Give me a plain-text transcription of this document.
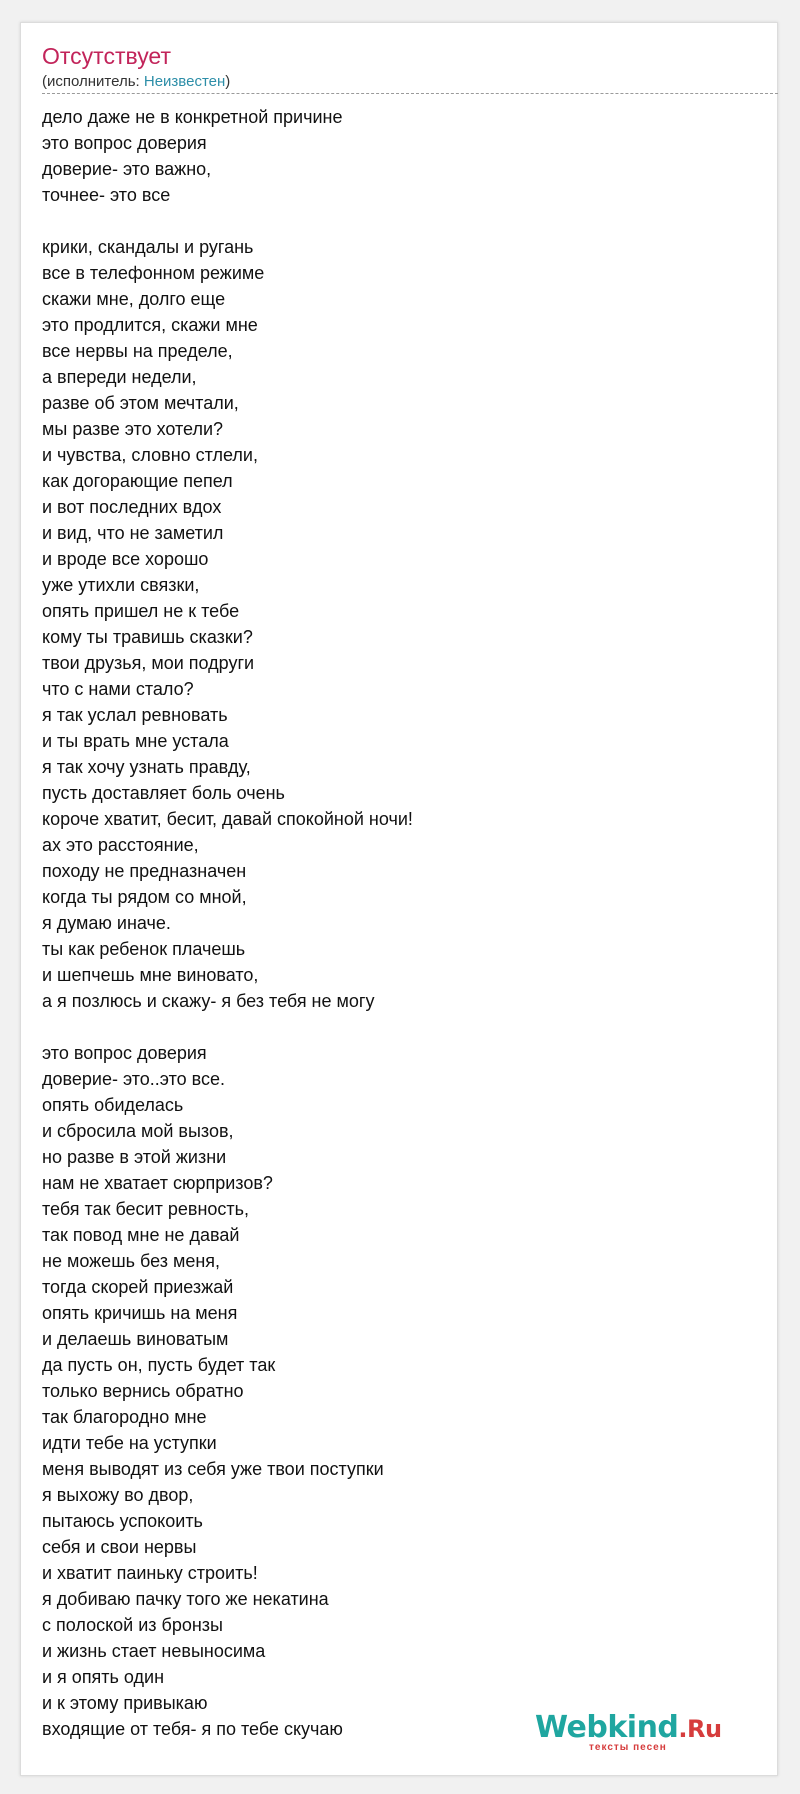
Отсутствует
(исполнитель: Неизвестен)
дело даже не в конкретной причине
это вопрос доверия
доверие- это важно,
точнее- это все
крики, скандалы и ругань
все в телефонном режиме
скажи мне, долго еще
это продлится, скажи мне
все нервы на пределе,
а впереди недели,
разве об этом мечтали,
мы разве это хотели?
и чувства, словно стлели,
как догорающие пепел
и вот последних вдох
и вид, что не заметил
и вроде все хорошо
уже утихли связки,
опять пришел не к тебе
кому ты травишь сказки?
твои друзья, мои подруги
что с нами стало?
я так услал ревновать
и ты врать мне устала
я так хочу узнать правду,
пусть доставляет боль очень
короче хватит, бесит, давай спокойной ночи!
ах это расстояние,
походу не предназначен
когда ты рядом со мной,
я думаю иначе.
ты как ребенок плачешь
и шепчешь мне виновато,
а я позлюсь и скажу- я без тебя не могу
это вопрос доверия
доверие- это..это все.
опять обиделась
и сбросила мой вызов,
но разве в этой жизни
нам не хватает сюрпризов?
тебя так бесит ревность,
так повод мне не давай
не можешь без меня,
тогда скорей приезжай
опять кричишь на меня
и делаешь виноватым
да пусть он, пусть будет так
только вернись обратно
так благородно мне
идти тебе на уступки
меня выводят из себя уже твои поступки
я выхожу во двор,
пытаюсь успокоить
себя и свои нервы
и хватит паиньку строить!
я добиваю пачку того же некатина
с полоской из бронзы
и жизнь стает невыносима
и я опять один
и к этому привыкаю
входящие от тебя- я по тебе скучаю	Webkind.Ru
тексты песен
